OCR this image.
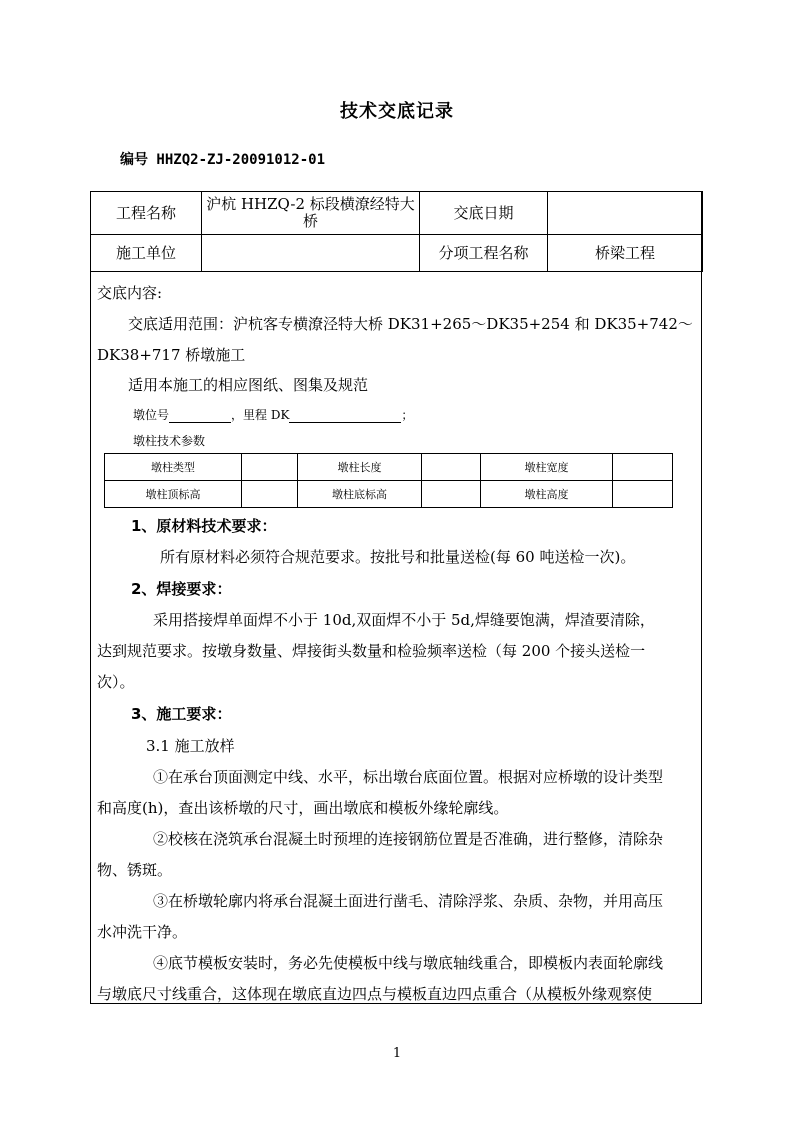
技术交底记录
编号 HHZQ2-ZJ-20091012-01
工程名称	沪杭 HHZQ-2 标段横潦经特大桥	交底日期	
施工单位		分项工程名称	桥梁工程
交底内容:
交底适用范围：沪杭客专横潦泾特大桥 DK31+265～DK35+254 和 DK35+742～
DK38+717 桥墩施工
适用本施工的相应图纸、图集及规范
墩位号	，里程 DK	；
墩柱技术参数
墩柱类型		墩柱长度		墩柱宽度	
墩柱顶标高		墩柱底标高		墩柱高度	
1、原材料技术要求：
所有原材料必须符合规范要求。按批号和批量送检(每 60 吨送检一次)。
2、焊接要求：
采用搭接焊单面焊不小于 10d,双面焊不小于 5d,焊缝要饱满，焊渣要清除，
达到规范要求。按墩身数量、焊接街头数量和检验频率送检（每 200 个接头送检一
次）。
3、施工要求：
3.1 施工放样
①在承台顶面测定中线、水平，标出墩台底面位置。根据对应桥墩的设计类型
和高度(h)，查出该桥墩的尺寸，画出墩底和模板外缘轮廓线。
②校核在浇筑承台混凝土时预埋的连接钢筋位置是否准确，进行整修，清除杂
物、锈斑。
③在桥墩轮廓内将承台混凝土面进行凿毛、清除浮浆、杂质、杂物，并用高压
水冲洗干净。
④底节模板安装时，务必先使模板中线与墩底轴线重合，即模板内表面轮廓线
与墩底尺寸线重合，这体现在墩底直边四点与模板直边四点重合（从模板外缘观察使
1
